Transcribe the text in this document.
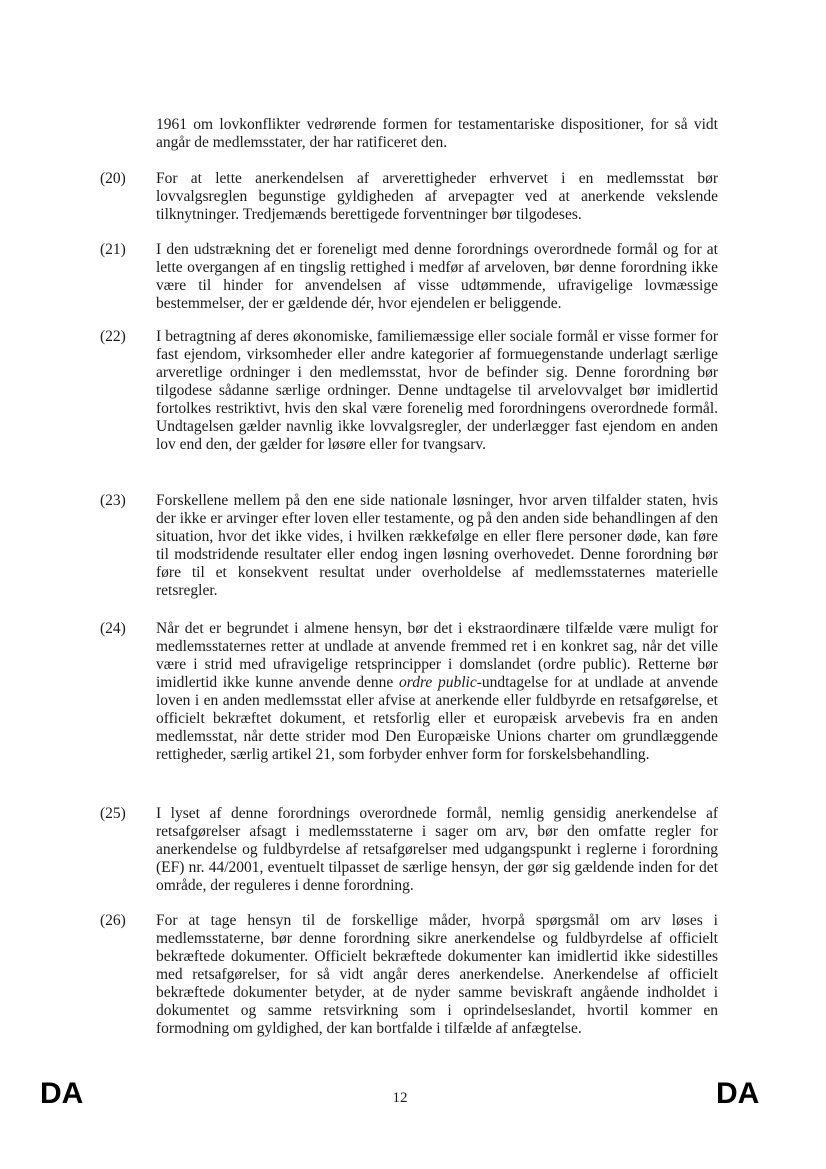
1961 om lovkonflikter vedrørende formen for testamentariske dispositioner, for så vidt angår de medlemsstater, der har ratificeret den.

(20)	For at lette anerkendelsen af arverettigheder erhvervet i en medlemsstat bør lovvalgsreglen begunstige gyldigheden af arvepagter ved at anerkende vekslende tilknytninger. Tredjemænds berettigede forventninger bør tilgodeses.
(21)	I den udstrækning det er foreneligt med denne forordnings overordnede formål og for at lette overgangen af en tingslig rettighed i medfør af arveloven, bør denne forordning ikke være til hinder for anvendelsen af visse udtømmende, ufravigelige lovmæssige bestemmelser, der er gældende dér, hvor ejendelen er beliggende.
(22)	I betragtning af deres økonomiske, familiemæssige eller sociale formål er visse former for fast ejendom, virksomheder eller andre kategorier af formuegenstande underlagt særlige arveretlige ordninger i den medlemsstat, hvor de befinder sig. Denne forordning bør tilgodese sådanne særlige ordninger. Denne undtagelse til arvelovvalget bør imidlertid fortolkes restriktivt, hvis den skal være forenelig med forordningens overordnede formål. Undtagelsen gælder navnlig ikke lovvalgsregler, der underlægger fast ejendom en anden lov end den, der gælder for løsøre eller for tvangsarv.
(23)	Forskellene mellem på den ene side nationale løsninger, hvor arven tilfalder staten, hvis der ikke er arvinger efter loven eller testamente, og på den anden side behandlingen af den situation, hvor det ikke vides, i hvilken rækkefølge en eller flere personer døde, kan føre til modstridende resultater eller endog ingen løsning overhovedet. Denne forordning bør føre til et konsekvent resultat under overholdelse af medlemsstaternes materielle retsregler.
(24)	Når det er begrundet i almene hensyn, bør det i ekstraordinære tilfælde være muligt for medlemsstaternes retter at undlade at anvende fremmed ret i en konkret sag, når det ville være i strid med ufravigelige retsprincipper i domslandet (ordre public). Retterne bør imidlertid ikke kunne anvende denne ordre public-undtagelse for at undlade at anvende loven i en anden medlemsstat eller afvise at anerkende eller fuldbyrde en retsafgørelse, et officielt bekræftet dokument, et retsforlig eller et europæisk arvebevis fra en anden medlemsstat, når dette strider mod Den Europæiske Unions charter om grundlæggende rettigheder, særlig artikel 21, som forbyder enhver form for forskelsbehandling.
(25)	I lyset af denne forordnings overordnede formål, nemlig gensidig anerkendelse af retsafgørelser afsagt i medlemsstaterne i sager om arv, bør den omfatte regler for anerkendelse og fuldbyrdelse af retsafgørelser med udgangspunkt i reglerne i forordning (EF) nr. 44/2001, eventuelt tilpasset de særlige hensyn, der gør sig gældende inden for det område, der reguleres i denne forordning.
(26)	For at tage hensyn til de forskellige måder, hvorpå spørgsmål om arv løses i medlemsstaterne, bør denne forordning sikre anerkendelse og fuldbyrdelse af officielt bekræftede dokumenter. Officielt bekræftede dokumenter kan imidlertid ikke sidestilles med retsafgørelser, for så vidt angår deres anerkendelse. Anerkendelse af officielt bekræftede dokumenter betyder, at de nyder samme beviskraft angående indholdet i dokumentet og samme retsvirkning som i oprindelseslandet, hvortil kommer en formodning om gyldighed, der kan bortfalde i tilfælde af anfægtelse.
DA	12	DA
